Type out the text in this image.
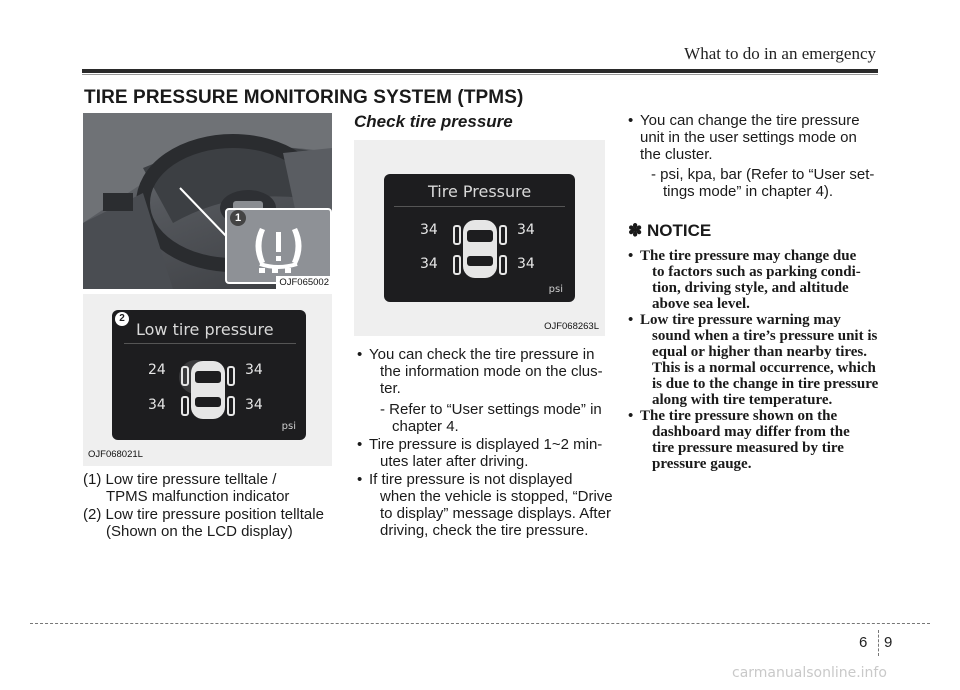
What to do in an emergency
TIRE PRESSURE MONITORING SYSTEM (TPMS)
1
OJF065002
2
Low tire pressure
24	34
34	34
psi
OJF068021L
(1) Low tire pressure telltale /
TPMS malfunction indicator
(2) Low tire pressure position telltale
(Shown on the LCD display)
Check tire pressure
Tire Pressure
34	34
34	34
psi
OJF068263L
• You can check the tire pressure in
the information mode on the clus-
ter.
- Refer to “User settings mode” in
chapter 4.
• Tire pressure is displayed 1~2 min-
utes later after driving.
• If tire pressure is not displayed
when the vehicle is stopped, “Drive
to display” message displays. After
driving, check the tire pressure.
• You can change the tire pressure
unit in the user settings mode on
the cluster.
- psi, kpa, bar (Refer to “User set-
tings mode” in chapter 4).
✽ NOTICE
• The tire pressure may change due
to factors such as parking condi-
tion, driving style, and altitude
above sea level.
• Low tire pressure warning may
sound when a tire’s pressure unit is
equal or higher than nearby tires.
This is a normal occurrence, which
is due to the change in tire pressure
along with tire temperature.
• The tire pressure shown on the
dashboard may differ from the
tire pressure measured by tire
pressure gauge.
6 9
carmanualsonline.info
